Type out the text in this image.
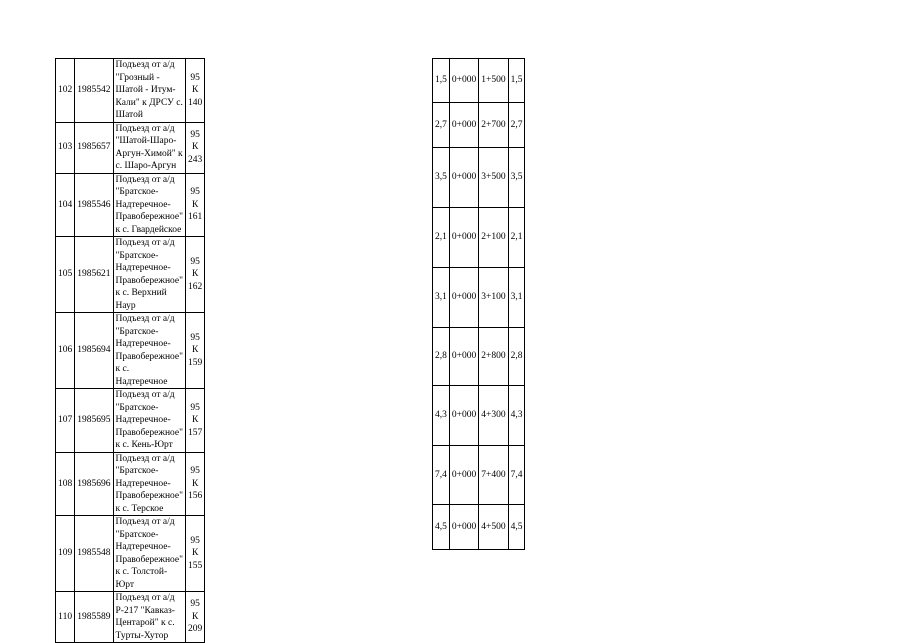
102	1985542	Подъезд от а/д "Грозный - Шатой - Итум-Кали" к ДРСУ с. Шатой	95 К 140
103	1985657	Подъезд от а/д "Шатой-Шаро-Аргун-Химой" к с. Шаро-Аргун	95 К 243
104	1985546	Подъезд от а/д "Братское-Надтеречное-Правобережное" к с. Гвардейское	95 К 161
105	1985621	Подъезд от а/д "Братское-Надтеречное-Правобережное" к с. Верхний Наур	95 К 162
106	1985694	Подъезд от а/д "Братское-Надтеречное-Правобережное" к с. Надтеречное	95 К 159
107	1985695	Подъезд от а/д "Братское-Надтеречное-Правобережное" к с. Кень-Юрт	95 К 157
108	1985696	Подъезд от а/д "Братское-Надтеречное-Правобережное" к с. Терское	95 К 156
109	1985548	Подъезд от а/д "Братское-Надтеречное-Правобережное" к с. Толстой-Юрт	95 К 155
110	1985589	Подъезд от а/д Р-217 "Кавказ-Центарой" к с. Турты-Хутор	95 К 209
1,5	0+000	1+500	1,5
2,7	0+000	2+700	2,7
3,5	0+000	3+500	3,5
2,1	0+000	2+100	2,1
3,1	0+000	3+100	3,1
2,8	0+000	2+800	2,8
4,3	0+000	4+300	4,3
7,4	0+000	7+400	7,4
4,5	0+000	4+500	4,5
